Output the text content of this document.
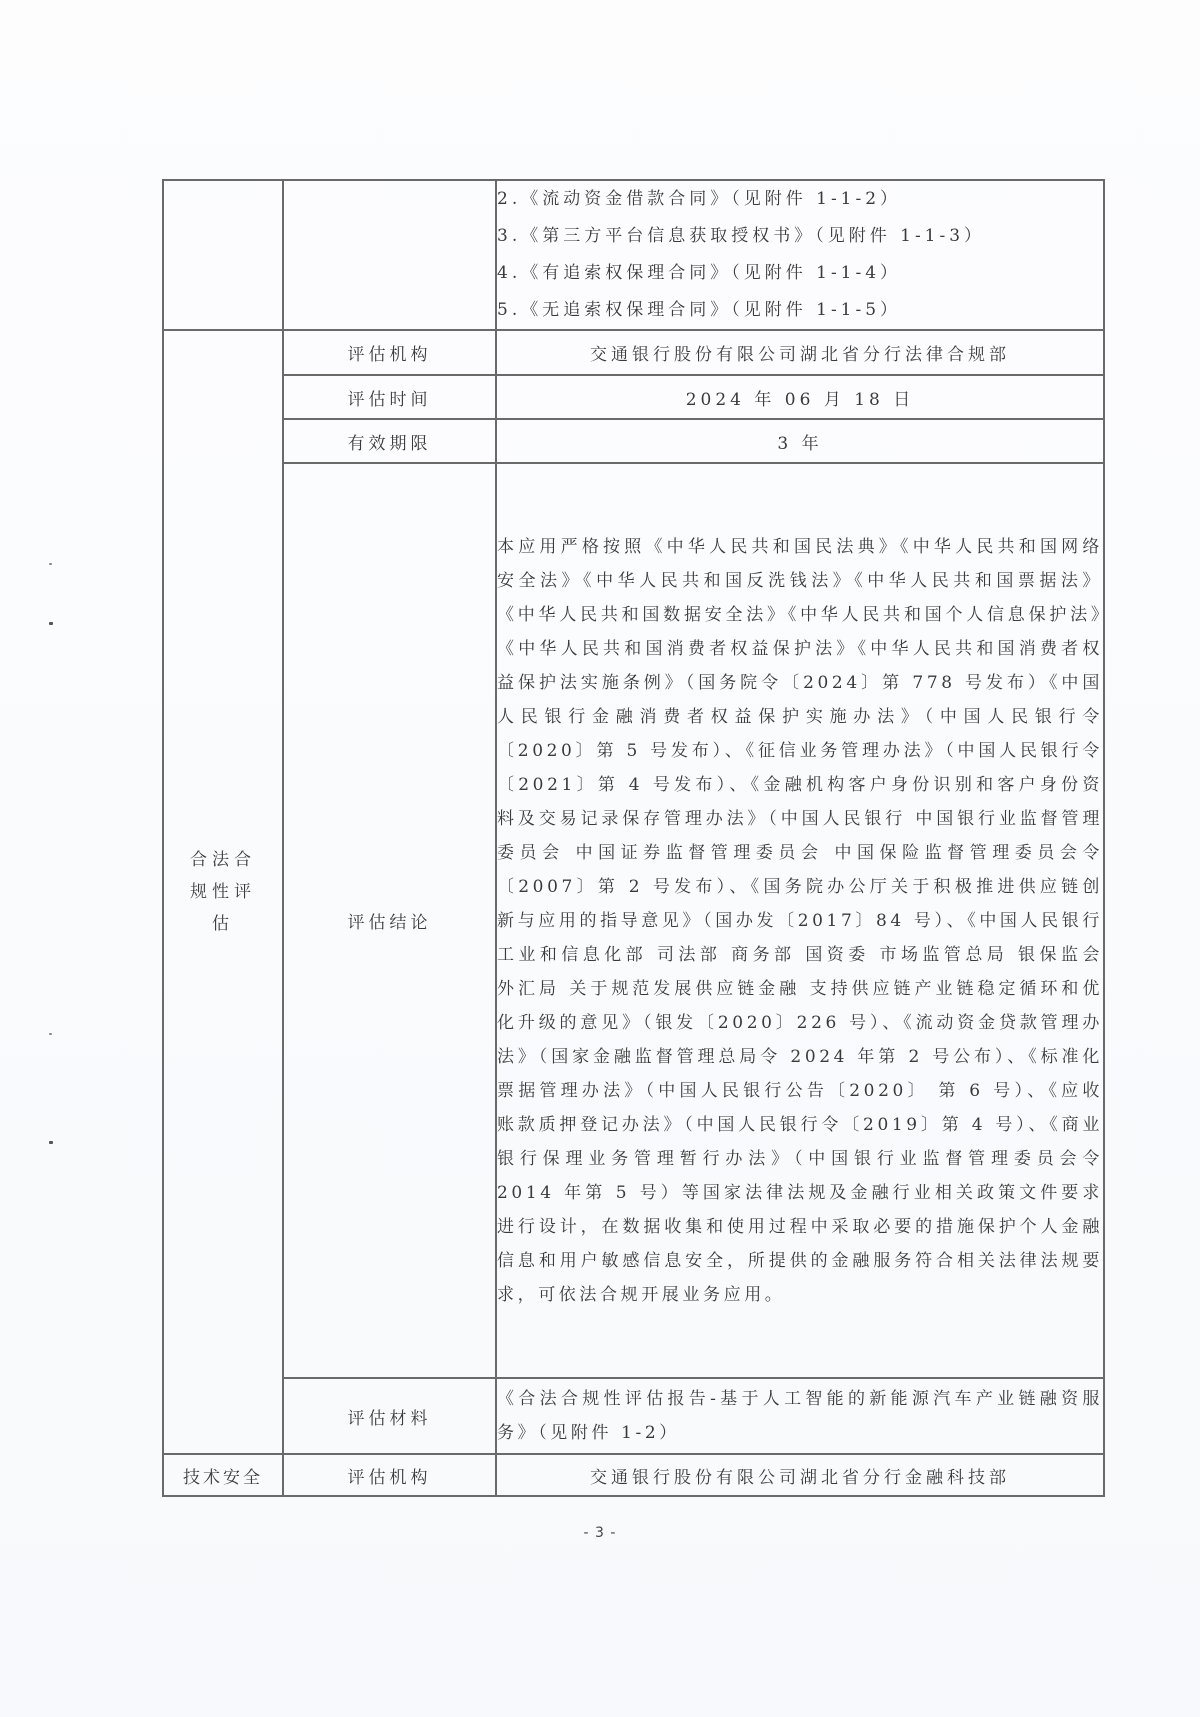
		2.《流动资金借款合同》（见附件 1-1-2）
3.《第三方平台信息获取授权书》（见附件 1-1-3）
4.《有追索权保理合同》（见附件 1-1-4）
5.《无追索权保理合同》（见附件 1-1-5）

合法合规性评估	评估机构	交通银行股份有限公司湖北省分行法律合规部
	评估时间	2024 年 06 月 18 日
	有效期限	3 年
	评估结论	本应用严格按照《中华人民共和国民法典》《中华人民共和国网络安全法》《中华人民共和国反洗钱法》《中华人民共和国票据法》《中华人民共和国数据安全法》《中华人民共和国个人信息保护法》《中华人民共和国消费者权益保护法》《中华人民共和国消费者权益保护法实施条例》（国务院令〔2024〕第 778 号发布）《中国人民银行金融消费者权益保护实施办法》（中国人民银行令〔2020〕第 5 号发布）、《征信业务管理办法》（中国人民银行令〔2021〕第 4 号发布）、《金融机构客户身份识别和客户身份资料及交易记录保存管理办法》（中国人民银行 中国银行业监督管理委员会 中国证券监督管理委员会 中国保险监督管理委员会令〔2007〕第 2 号发布）、《国务院办公厅关于积极推进供应链创新与应用的指导意见》（国办发〔2017〕84 号）、《中国人民银行 工业和信息化部 司法部 商务部 国资委 市场监管总局 银保监会 外汇局 关于规范发展供应链金融 支持供应链产业链稳定循环和优化升级的意见》（银发〔2020〕226 号）、《流动资金贷款管理办法》（国家金融监督管理总局令 2024 年第 2 号公布）、《标准化票据管理办法》（中国人民银行公告〔2020〕 第 6 号）、《应收账款质押登记办法》（中国人民银行令〔2019〕第 4 号）、《商业银行保理业务管理暂行办法》（中国银行业监督管理委员会令 2014 年第 5 号）等国家法律法规及金融行业相关政策文件要求进行设计，在数据收集和使用过程中采取必要的措施保护个人金融信息和用户敏感信息安全，所提供的金融服务符合相关法律法规要求，可依法合规开展业务应用。

	评估材料	《合法合规性评估报告-基于人工智能的新能源汽车产业链融资服务》（见附件 1-2）

技术安全	评估机构	交通银行股份有限公司湖北省分行金融科技部
- 3 -
